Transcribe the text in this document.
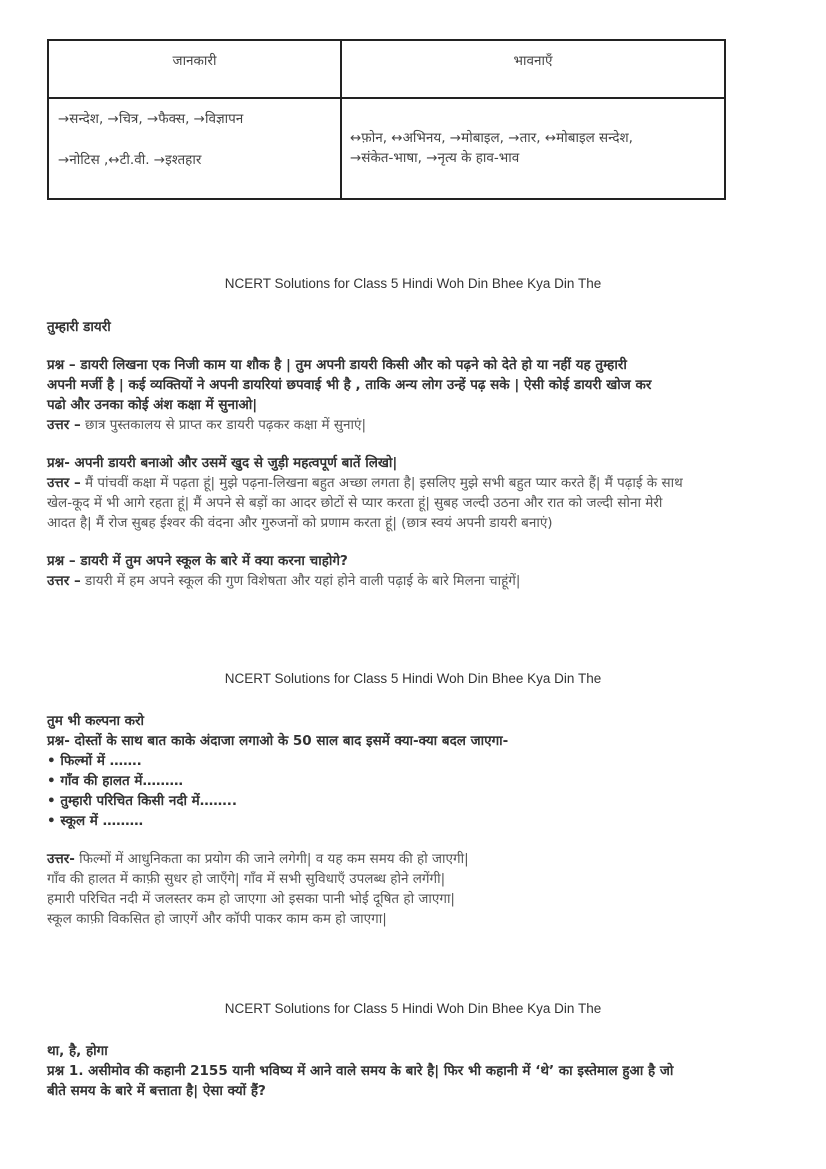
जानकारी	भावनाएँ
→सन्देश, →चित्र, →फैक्स, →विज्ञापन
→नोटिस ,↔टी.वी. →इश्तहार
↔फ़ोन, ↔अभिनय, →मोबाइल, →तार, ↔मोबाइल सन्देश,
→संकेत-भाषा, →नृत्य के हाव-भाव
NCERT Solutions for Class 5 Hindi Woh Din Bhee Kya Din The
तुम्हारी डायरी
प्रश्न – डायरी लिखना एक निजी काम या शौक है | तुम अपनी डायरी किसी और को पढ़ने को देते हो या नहीं यह तुम्हारी
अपनी मर्जी है | कई व्यक्तियों ने अपनी डायरियां छपवाई भी है , ताकि अन्य लोग उन्हें पढ़ सके | ऐसी कोई डायरी खोज कर
पढो और उनका कोई अंश कक्षा में सुनाओ|
उत्तर – छात्र पुस्तकालय से प्राप्त कर डायरी पढ़कर कक्षा में सुनाएं|
प्रश्न- अपनी डायरी बनाओ और उसमें खुद से जुड़ी महत्वपूर्ण बातें लिखो|
उत्तर – मैं पांचवीं कक्षा में पढ़ता हूं| मुझे पढ़ना-लिखना बहुत अच्छा लगता है| इसलिए मुझे सभी बहुत प्यार करते हैं| मैं पढ़ाई के साथ
खेल-कूद में भी आगे रहता हूं| मैं अपने से बड़ों का आदर छोटों से प्यार करता हूं| सुबह जल्दी उठना और रात को जल्दी सोना मेरी
आदत है| मैं रोज सुबह ईश्वर की वंदना और गुरुजनों को प्रणाम करता हूं| (छात्र स्वयं अपनी डायरी बनाएं)
प्रश्न – डायरी में तुम अपने स्कूल के बारे में क्या करना चाहोगे?
उत्तर – डायरी में हम अपने स्कूल की गुण विशेषता और यहां होने वाली पढ़ाई के बारे मिलना चाहूंगें|
NCERT Solutions for Class 5 Hindi Woh Din Bhee Kya Din The
तुम भी कल्पना करो
प्रश्न- दोस्तों के साथ बात काके अंदाजा लगाओ के 50 साल बाद इसमें क्या-क्या बदल जाएगा-
• फिल्मों में …….
• गाँव की हालत में………
• तुम्हारी परिचित किसी नदी में……..
• स्कूल में ………
उत्तर- फिल्मों में आधुनिकता का प्रयोग की जाने लगेगी| व यह कम समय की हो जाएगी|
गाँव की हालत में काफ़ी सुधर हो जाएँगे| गाँव में सभी सुविधाएँ उपलब्ध होने लगेंगी|
हमारी परिचित नदी में जलस्तर कम हो जाएगा ओ इसका पानी भोई दूषित हो जाएगा|
स्कूल काफ़ी विकसित हो जाएगें और कॉपी पाकर काम कम हो जाएगा|
NCERT Solutions for Class 5 Hindi Woh Din Bhee Kya Din The
था, है, होगा
प्रश्न 1. असीमोव की कहानी 2155 यानी भविष्य में आने वाले समय के बारे है| फिर भी कहानी में ‘थे’ का इस्तेमाल हुआ है जो
बीते समय के बारे में बत्ताता है| ऐसा क्यों हैं?
